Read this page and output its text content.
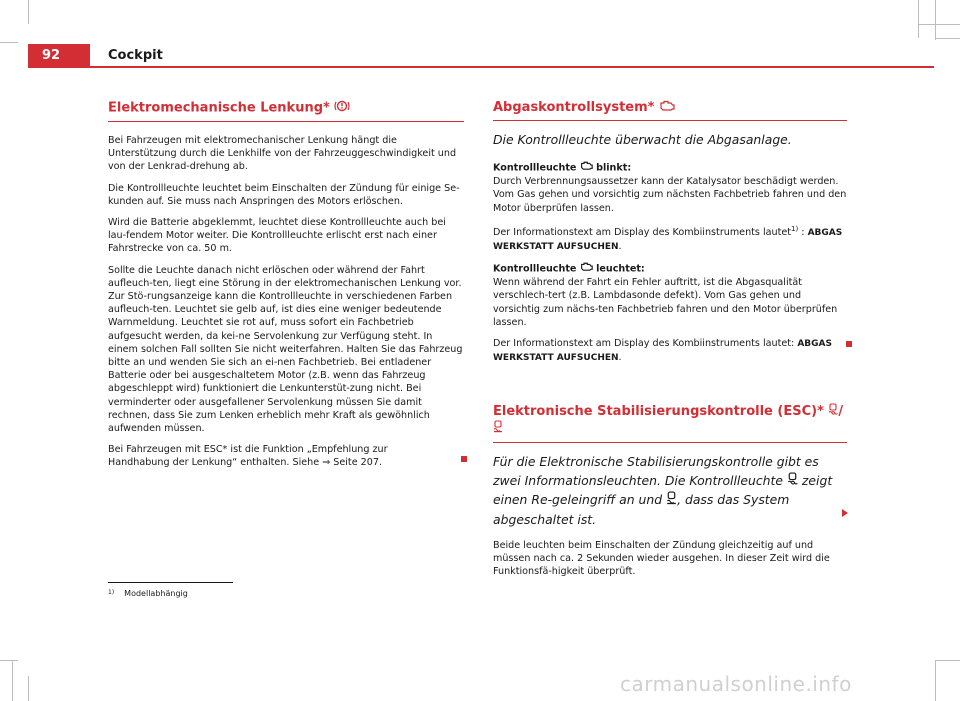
92	Cockpit
Elektromechanische Lenkung*

Bei Fahrzeugen mit elektromechanischer Lenkung hängt die Unterstützung durch die Lenkhilfe von der Fahrzeuggeschwindigkeit und von der Lenkrad-drehung ab.

Die Kontrollleuchte leuchtet beim Einschalten der Zündung für einige Se-kunden auf. Sie muss nach Anspringen des Motors erlöschen.

Wird die Batterie abgeklemmt, leuchtet diese Kontrollleuchte auch bei lau-fendem Motor weiter. Die Kontrollleuchte erlischt erst nach einer Fahrstrecke von ca. 50 m.

Sollte die Leuchte danach nicht erlöschen oder während der Fahrt aufleuch-ten, liegt eine Störung in der elektromechanischen Lenkung vor. Zur Stö-rungsanzeige kann die Kontrollleuchte in verschiedenen Farben aufleuch-ten. Leuchtet sie gelb auf, ist dies eine weniger bedeutende Warnmeldung. Leuchtet sie rot auf, muss sofort ein Fachbetrieb aufgesucht werden, da kei-ne Servolenkung zur Verfügung steht. In einem solchen Fall sollten Sie nicht weiterfahren. Halten Sie das Fahrzeug bitte an und wenden Sie sich an ei-nen Fachbetrieb. Bei entladener Batterie oder bei ausgeschaltetem Motor (z.B. wenn das Fahrzeug abgeschleppt wird) funktioniert die Lenkunterstüt-zung nicht. Bei verminderter oder ausgefallener Servolenkung müssen Sie damit rechnen, dass Sie zum Lenken erheblich mehr Kraft als gewöhnlich aufwenden müssen.

Bei Fahrzeugen mit ESC* ist die Funktion „Empfehlung zur Handhabung der Lenkung“ enthalten. Siehe ⇒ Seite 207.

Abgaskontrollsystem*

Die Kontrollleuchte überwacht die Abgasanlage.

Kontrollleuchte blinkt:

Durch Verbrennungsaussetzer kann der Katalysator beschädigt werden. Vom Gas gehen und vorsichtig zum nächsten Fachbetrieb fahren und den Motor überprüfen lassen.

Der Informationstext am Display des Kombiinstruments lautet$^{1)}$ : ABGAS WERKSTATT AUFSUCHEN.

Kontrollleuchte leuchtet:

Wenn während der Fahrt ein Fehler auftritt, ist die Abgasqualität verschlech-tert (z.B. Lambdasonde defekt). Vom Gas gehen und vorsichtig zum nächs-ten Fachbetrieb fahren und den Motor überprüfen lassen.

Der Informationstext am Display des Kombiinstruments lautet: ABGAS WERKSTATT AUFSUCHEN.

Elektronische Stabilisierungskontrolle (ESC)* /

Für die Elektronische Stabilisierungskontrolle gibt es zwei Informationsleuchten. Die Kontrollleuchte zeigt einen Re-geleingriff an und , dass das System abgeschaltet ist.

Beide leuchten beim Einschalten der Zündung gleichzeitig auf und müssen nach ca. 2 Sekunden wieder ausgehen. In dieser Zeit wird die Funktionsfä-higkeit überprüft.

$^{1)}$ Modellabhängig
carmanualsonline.info
